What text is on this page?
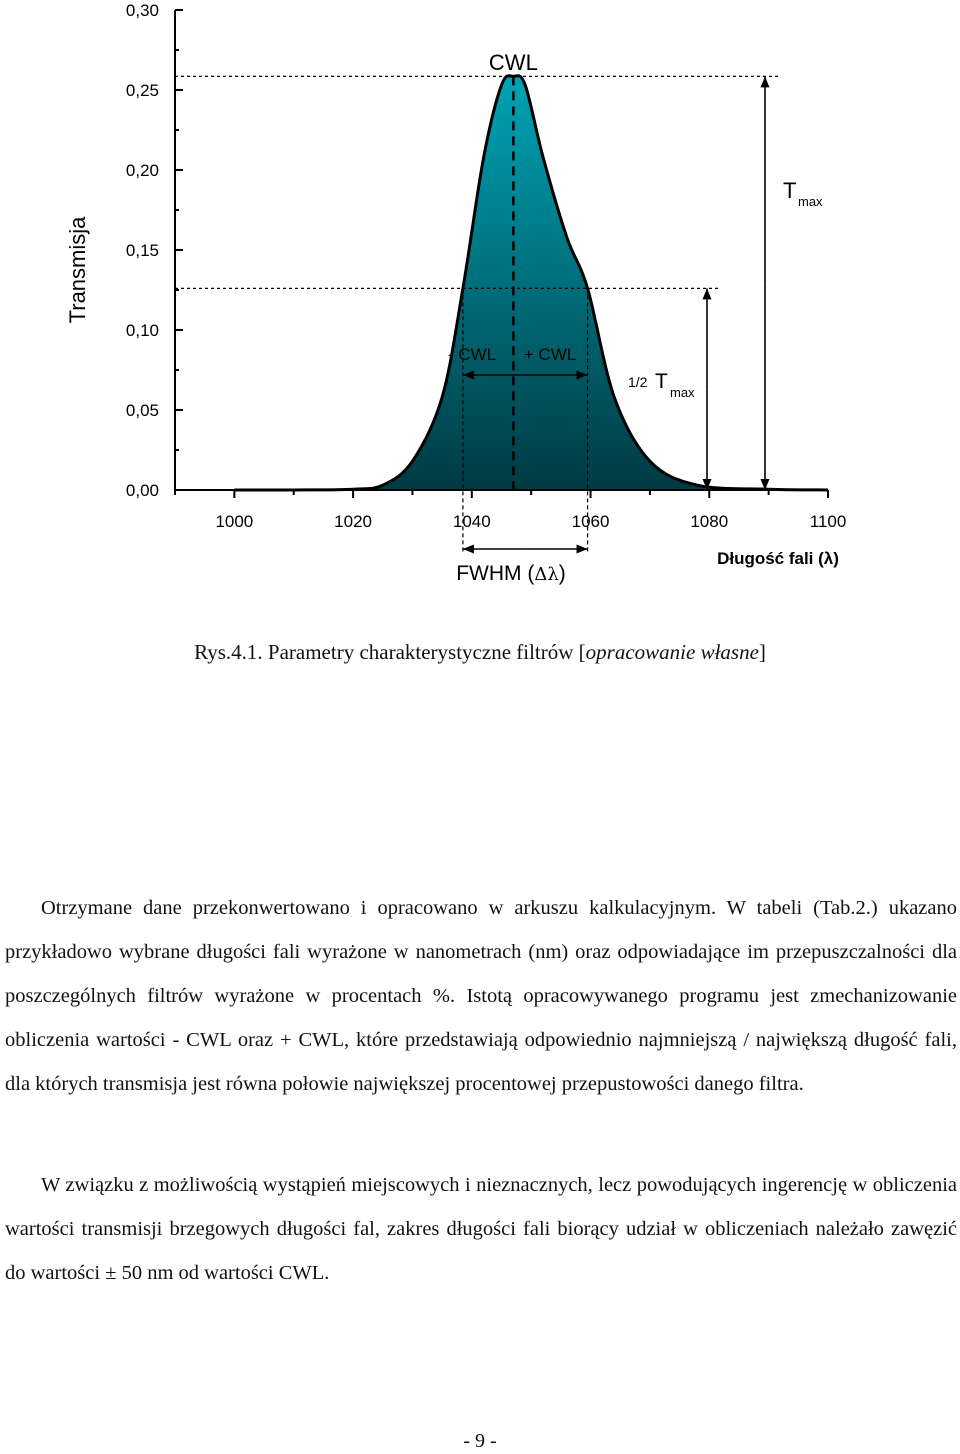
0,00
0,05
0,10
0,15
0,20
0,25
0,30
1000	1020	1040	1060	1080	1100
Transmisja
Długość fali (λ)
CWL
- CWL + CWL
T max
1/2 T max
FWHM (Δλ)
Rys.4.1. Parametry charakterystyczne filtrów [opracowanie własne]
Otrzymane dane przekonwertowano i opracowano w arkuszu kalkulacyjnym. W tabeli (Tab.2.) ukazano przykładowo wybrane długości fali wyrażone w nanometrach (nm) oraz odpowiadające im przepuszczalności dla poszczególnych filtrów wyrażone w procentach %. Istotą opracowywanego programu jest zmechanizowanie obliczenia wartości - CWL oraz + CWL, które przedstawiają odpowiednio najmniejszą / największą długość fali, dla których transmisja jest równa połowie największej procentowej przepustowości danego filtra.
W związku z możliwością wystąpień miejscowych i nieznacznych, lecz powodujących ingerencję w obliczenia wartości transmisji brzegowych długości fal, zakres długości fali biorący udział w obliczeniach należało zawęzić do wartości ± 50 nm od wartości CWL.
- 9 -
